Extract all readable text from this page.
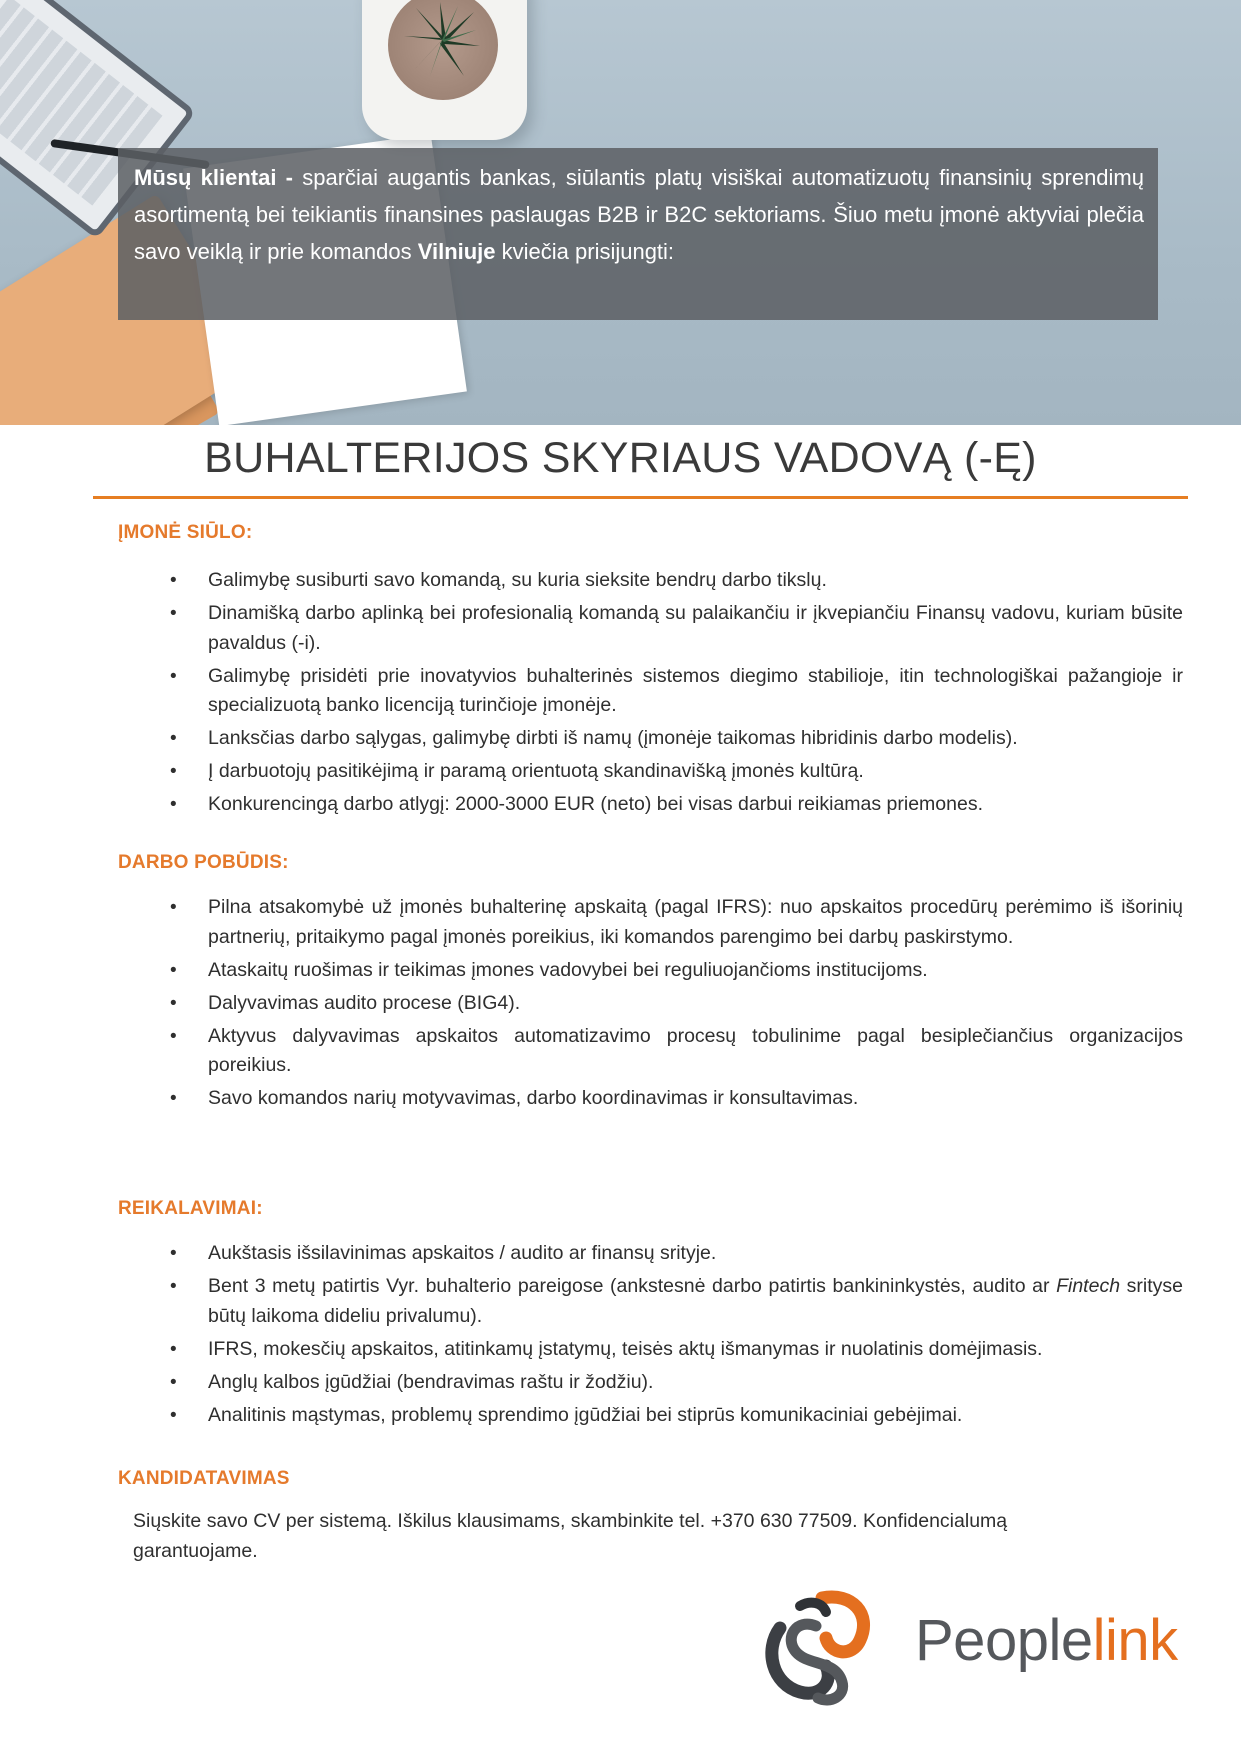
Mūsų klientai - sparčiai augantis bankas, siūlantis platų visiškai automatizuotų finansinių sprendimų asortimentą bei teikiantis finansines paslaugas B2B ir B2C sektoriams. Šiuo metu įmonė aktyviai plečia savo veiklą ir prie komandos Vilniuje kviečia prisijungti:
BUHALTERIJOS SKYRIAUS VADOVĄ (-Ę)
ĮMONĖ SIŪLO:
• Galimybę susiburti savo komandą, su kuria sieksite bendrų darbo tikslų.
• Dinamišką darbo aplinką bei profesionalią komandą su palaikančiu ir įkvepiančiu Finansų vadovu, kuriam būsite pavaldus (-i).
• Galimybę prisidėti prie inovatyvios buhalterinės sistemos diegimo stabilioje, itin technologiškai pažangioje ir specializuotą banko licenciją turinčioje įmonėje.
• Lanksčias darbo sąlygas, galimybę dirbti iš namų (įmonėje taikomas hibridinis darbo modelis).
• Į darbuotojų pasitikėjimą ir paramą orientuotą skandinavišką įmonės kultūrą.
• Konkurencingą darbo atlygį: 2000-3000 EUR (neto) bei visas darbui reikiamas priemones.
DARBO POBŪDIS:
• Pilna atsakomybė už įmonės buhalterinę apskaitą (pagal IFRS): nuo apskaitos procedūrų perėmimo iš išorinių partnerių, pritaikymo pagal įmonės poreikius, iki komandos parengimo bei darbų paskirstymo.
• Ataskaitų ruošimas ir teikimas įmones vadovybei bei reguliuojančioms institucijoms.
• Dalyvavimas audito procese (BIG4).
• Aktyvus dalyvavimas apskaitos automatizavimo procesų tobulinime pagal besiplečiančius organizacijos poreikius.
• Savo komandos narių motyvavimas, darbo koordinavimas ir konsultavimas.
REIKALAVIMAI:
• Aukštasis išsilavinimas apskaitos / audito ar finansų srityje.
• Bent 3 metų patirtis Vyr. buhalterio pareigose (ankstesnė darbo patirtis bankininkystės, audito ar Fintech srityse būtų laikoma dideliu privalumu).
• IFRS, mokesčių apskaitos, atitinkamų įstatymų, teisės aktų išmanymas ir nuolatinis domėjimasis.
• Anglų kalbos įgūdžiai (bendravimas raštu ir žodžiu).
• Analitinis mąstymas, problemų sprendimo įgūdžiai bei stiprūs komunikaciniai gebėjimai.
KANDIDATAVIMAS
Siųskite savo CV per sistemą. Iškilus klausimams, skambinkite tel. +370 630 77509. Konfidencialumą garantuojame.
Peoplelink
